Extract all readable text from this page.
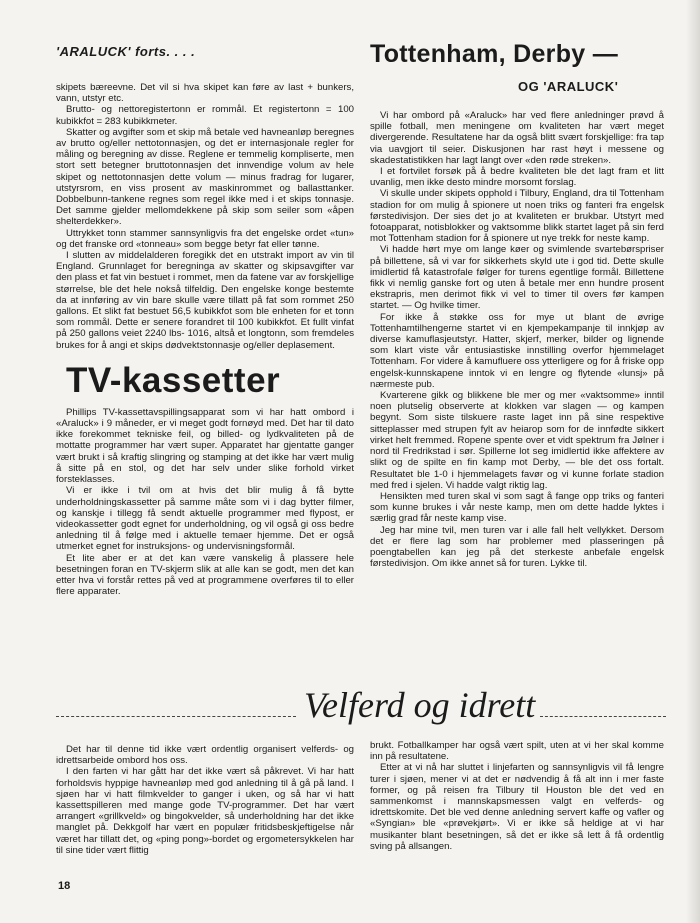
'ARALUCK' forts. . . .	Tottenham, Derby —
OG 'ARALUCK'

skipets bæreevne. Det vil si hva skipet kan føre av last + bunkers, vann, utstyr etc.

Brutto- og nettoregistertonn er rommål. Et registertonn = 100 kubikkfot = 283 kubikkmeter.

Skatter og avgifter som et skip må betale ved havneanløp beregnes av brutto og/eller nettotonnasjen, og det er internasjonale regler for måling og beregning av disse. Reglene er temmelig kompliserte, men stort sett betegner bruttotonnasjen det innvendige volum av hele skipet og nettotonnasjen dette volum — minus fradrag for lugarer, utstyrsrom, en viss prosent av maskinrommet og ballasttanker. Dobbelbunn-tankene regnes som regel ikke med i et skips tonnasje. Det samme gjelder mellomdekkene på skip som seiler som «åpen shelterdekker».

Uttrykket tonn stammer sannsynligvis fra det engelske ordet «tun» og det franske ord «tonneau» som begge betyr fat eller tønne.

I slutten av middelalderen foregikk det en utstrakt import av vin til England. Grunnlaget for beregninga av skatter og skipsavgifter var den plass et fat vin bestuet i rommet, men da fatene var av forskjellige størrelse, ble det hele nokså tilfeldig. Den engelske konge bestemte da at innføring av vin bare skulle være tillatt på fat som rommet 250 gallons. Et slikt fat bestuet 56,5 kubikkfot som ble enheten for et tonn som rommål. Dette er senere forandret til 100 kubikkfot. Et fullt vinfat på 250 gallons veiet 2240 lbs- 1016, altså et longtonn, som fremdeles brukes for å angi et skips dødvektstonnasje og/eller deplasement.

TV-kassetter

Phillips TV-kassettavspillingsapparat som vi har hatt ombord i «Araluck» i 9 måneder, er vi meget godt fornøyd med. Det har til dato ikke forekommet tekniske feil, og billed- og lydkvaliteten på de mottatte programmer har vært super. Apparatet har gjentatte ganger vært brukt i så kraftig slingring og stamping at det ikke har vært mulig å sitte på en stol, og det har selv under slike forhold virket forsteklasses.

Vi er ikke i tvil om at hvis det blir mulig å få bytte underholdningskassetter på samme måte som vi i dag bytter filmer, og kanskje i tillegg få sendt aktuelle programmer med flypost, er videokassetter godt egnet for underholdning, og vil også gi oss bedre anledning til å følge med i aktuelle temaer hjemme. Det er også utmerket egnet for instruksjons- og undervisningsformål.

Et lite aber er at det kan være vanskelig å plassere hele besetningen foran en TV-skjerm slik at alle kan se godt, men det kan etter hva vi forstår rettes på ved at programmene overføres til to eller flere apparater.

Vi har ombord på «Araluck» har ved flere anledninger prøvd å spille fotball, men meningene om kvaliteten har vært meget divergerende. Resultatene har da også blitt svært forskjellige: fra tap via uavgjort til seier. Diskusjonen har rast høyt i messene og skadestatistikken har lagt langt over «den røde streken».

I et fortvilet forsøk på å bedre kvaliteten ble det lagt fram et litt uvanlig, men ikke desto mindre morsomt forslag.

Vi skulle under skipets opphold i Tilbury, England, dra til Tottenham stadion for om mulig å spionere ut noen triks og fanteri fra engelsk førstedivisjon. Der sies det jo at kvaliteten er brukbar. Utstyrt med fotoapparat, notisblokker og vaktsomme blikk startet laget på sin ferd mot Tottenham stadion for å spionere ut nye trekk for neste kamp.

Vi hadde hørt mye om lange køer og svimlende svartebørspriser på billettene, så vi var for sikkerhets skyld ute i god tid. Dette skulle imidlertid få katastrofale følger for turens egentlige formål. Billettene fikk vi nemlig ganske fort og uten å betale mer enn hundre prosent ekstrapris, men derimot fikk vi vel to timer til overs før kampen startet. — Og hvilke timer.

For ikke å støkke oss for mye ut blant de øvrige Tottenhamtilhengerne startet vi en kjempekampanje til innkjøp av diverse kamuflasjeutstyr. Hatter, skjerf, merker, bilder og lignende som klart viste vår entusiastiske innstilling overfor hjemmelaget Tottenham. For videre å kamufluere oss ytterligere og for å friske opp engelsk-kunnskapene inntok vi en lengre og flytende «lunsj» på nærmeste pub.

Kvarterene gikk og blikkene ble mer og mer «vaktsomme» inntil noen plutselig observerte at klokken var slagen — og kampen begynt. Som siste tilskuere raste laget inn på sine respektive sitteplasser med strupen fylt av heiarop som for de innfødte sikkert virket helt fremmed. Ropene spente over et vidt spektrum fra Jølner i nord til Fredrikstad i sør. Spillerne lot seg imidlertid ikke affektere av slikt og de spilte en fin kamp mot Derby, — ble det oss fortalt. Resultatet ble 1-0 i hjemmelagets favør og vi kunne forlate stadion med fred i sjelen. Vi hadde valgt riktig lag.

Hensikten med turen skal vi som sagt å fange opp triks og fanteri som kunne brukes i vår neste kamp, men om dette hadde lyktes i særlig grad får neste kamp vise.

Jeg har mine tvil, men turen var i alle fall helt vellykket. Dersom det er flere lag som har problemer med plasseringen på poengtabellen kan jeg på det sterkeste anbefale engelsk førstedivisjon. Om ikke annet så for turen. Lykke til.

Velferd og idrett

Det har til denne tid ikke vært ordentlig organisert velferds- og idrettsarbeide ombord hos oss.

I den farten vi har gått har det ikke vært så påkrevet. Vi har hatt forholdsvis hyppige havneanløp med god anledning til å gå på land. I sjøen har vi hatt filmkvelder to ganger i uken, og så har vi hatt kassettspilleren med mange gode TV-programmer. Det har vært arrangert «grillkveld» og bingokvelder, så underholdning har det ikke manglet på. Dekkgolf har vært en populær fritidsbeskjeftigelse når været har tillatt det, og «ping pong»-bordet og ergometersykkelen har til sine tider vært flittig

brukt. Fotballkamper har også vært spilt, uten at vi her skal komme inn på resultatene.

Etter at vi nå har sluttet i linjefarten og sannsynligvis vil få lengre turer i sjøen, mener vi at det er nødvendig å få alt inn i mer faste former, og på reisen fra Tilbury til Houston ble det ved en sammenkomst i mannskapsmessen valgt en velferds- og idrettskomite. Det ble ved denne anledning servert kaffe og vafler og «Syngian» ble «prøvekjørt». Vi er ikke så heldige at vi har musikanter blant besetningen, så det er ikke så lett å få ordentlig sving på allsangen.

18
